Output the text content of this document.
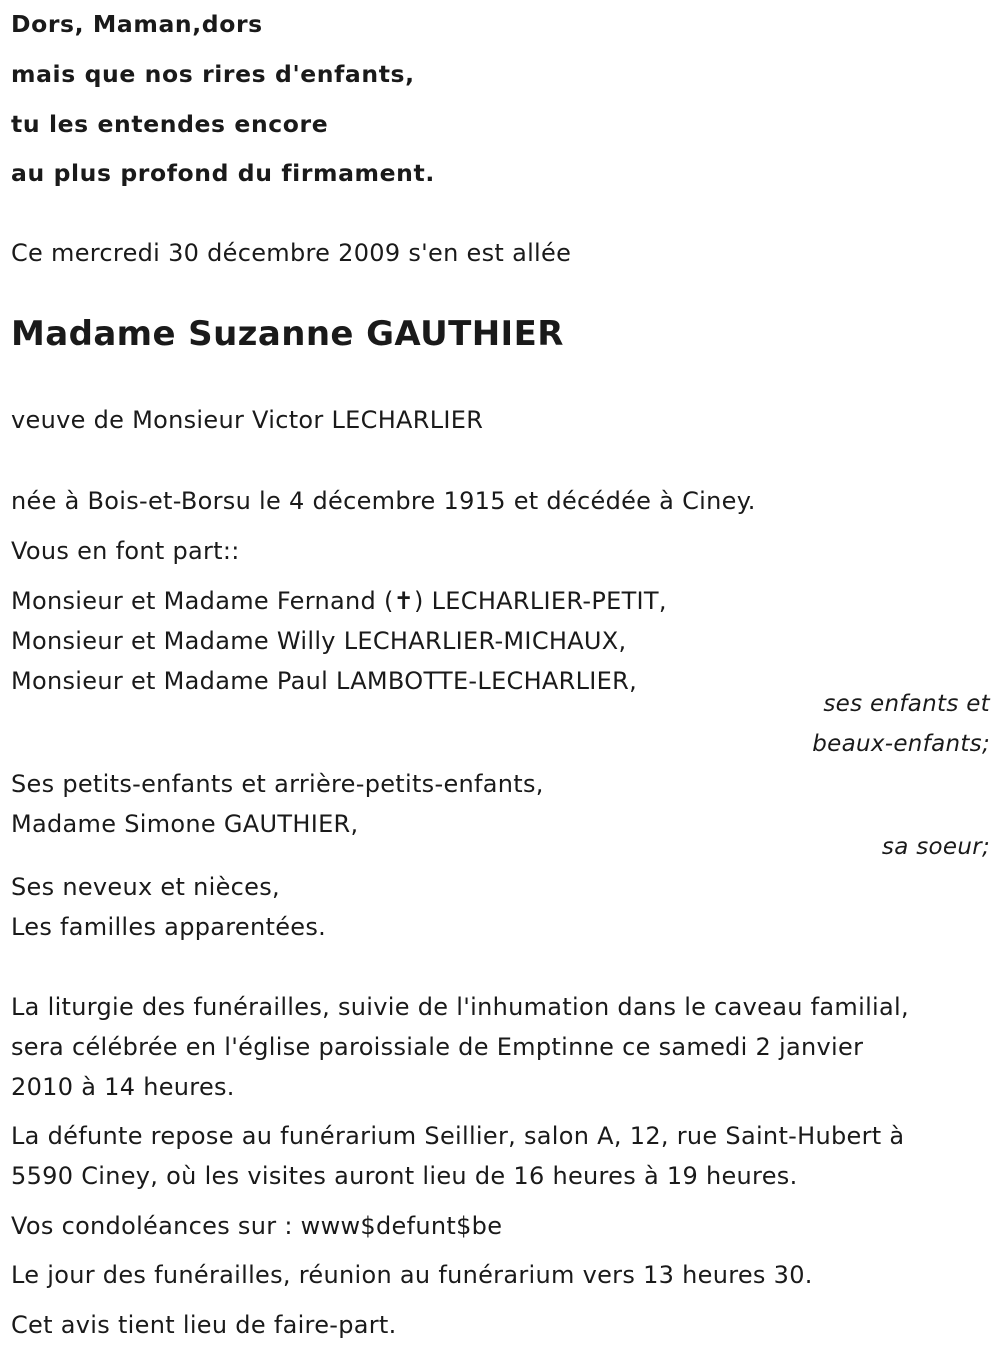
Dors, Maman,dors
mais que nos rires d'enfants,
tu les entendes encore
au plus profond du firmament.
Ce mercredi 30 décembre 2009 s'en est allée
Madame Suzanne GAUTHIER
veuve de Monsieur Victor LECHARLIER
née à Bois-et-Borsu le 4 décembre 1915 et décédée à Ciney.
Vous en font part::
Monsieur et Madame Fernand (✝) LECHARLIER-PETIT,
Monsieur et Madame Willy LECHARLIER-MICHAUX,
Monsieur et Madame Paul LAMBOTTE-LECHARLIER,
ses enfants et
beaux-enfants;
Ses petits-enfants et arrière-petits-enfants,
Madame Simone GAUTHIER,
sa soeur;
Ses neveux et nièces,
Les familles apparentées.
La liturgie des funérailles, suivie de l'inhumation dans le caveau familial,
sera célébrée en l'église paroissiale de Emptinne ce samedi 2 janvier
2010 à 14 heures.
La défunte repose au funérarium Seillier, salon A, 12, rue Saint-Hubert à
5590 Ciney, où les visites auront lieu de 16 heures à 19 heures.
Vos condoléances sur : www$defunt$be
Le jour des funérailles, réunion au funérarium vers 13 heures 30.
Cet avis tient lieu de faire-part.
